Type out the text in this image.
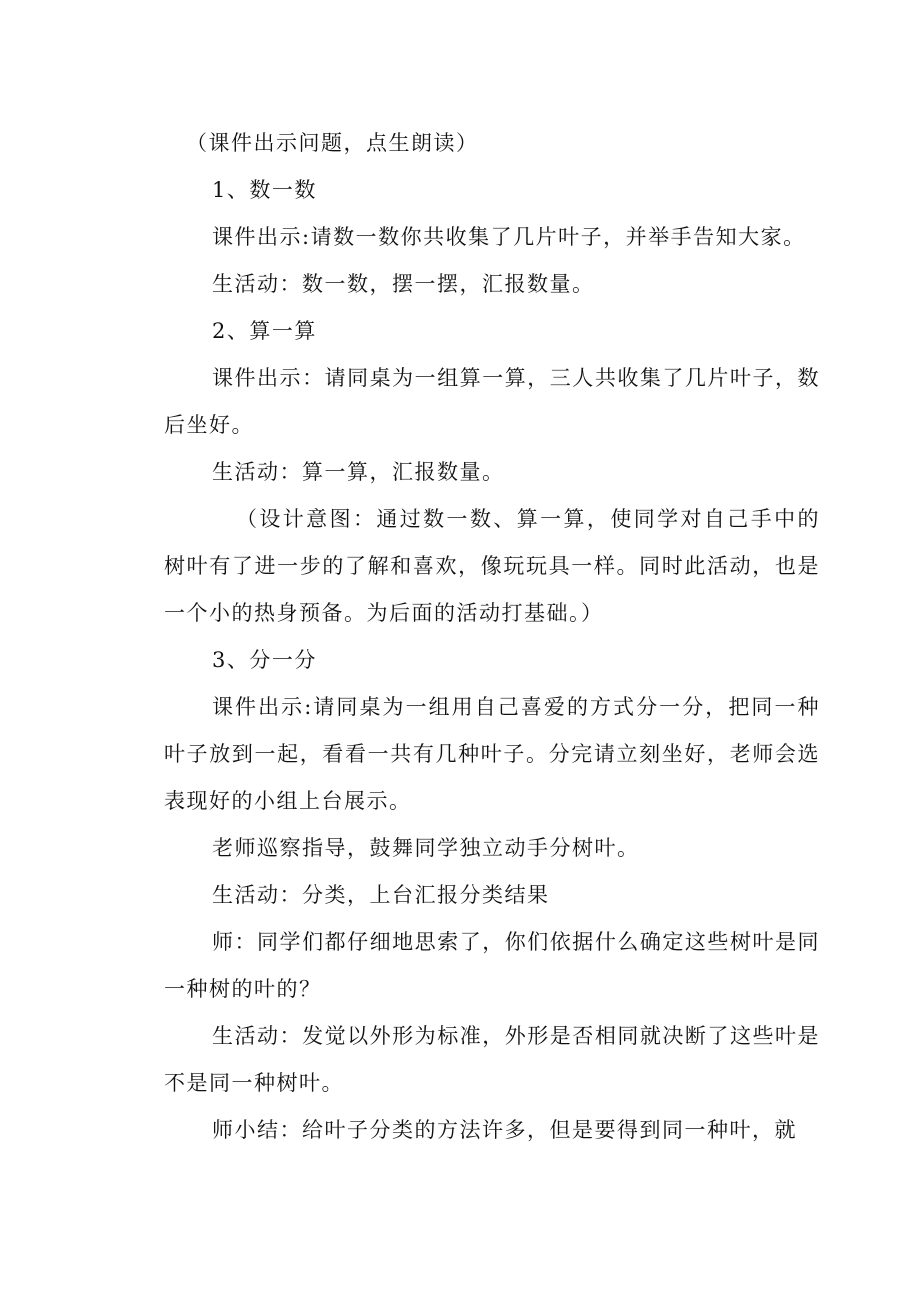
（课件出示问题，点生朗读）

1、数一数

课件出示:请数一数你共收集了几片叶子，并举手告知大家。

生活动：数一数，摆一摆，汇报数量。

2、算一算

课件出示：请同桌为一组算一算，三人共收集了几片叶子，数后坐好。

生活动：算一算，汇报数量。

（设计意图：通过数一数、算一算，使同学对自己手中的树叶有了进一步的了解和喜欢，像玩玩具一样。同时此活动，也是一个小的热身预备。为后面的活动打基础。）

3、分一分

课件出示:请同桌为一组用自己喜爱的方式分一分，把同一种叶子放到一起，看看一共有几种叶子。分完请立刻坐好，老师会选表现好的小组上台展示。

老师巡察指导，鼓舞同学独立动手分树叶。

生活动：分类，上台汇报分类结果

师：同学们都仔细地思索了，你们依据什么确定这些树叶是同一种树的叶的？

生活动：发觉以外形为标准，外形是否相同就决断了这些叶是不是同一种树叶。

师小结：给叶子分类的方法许多，但是要得到同一种叶，就
